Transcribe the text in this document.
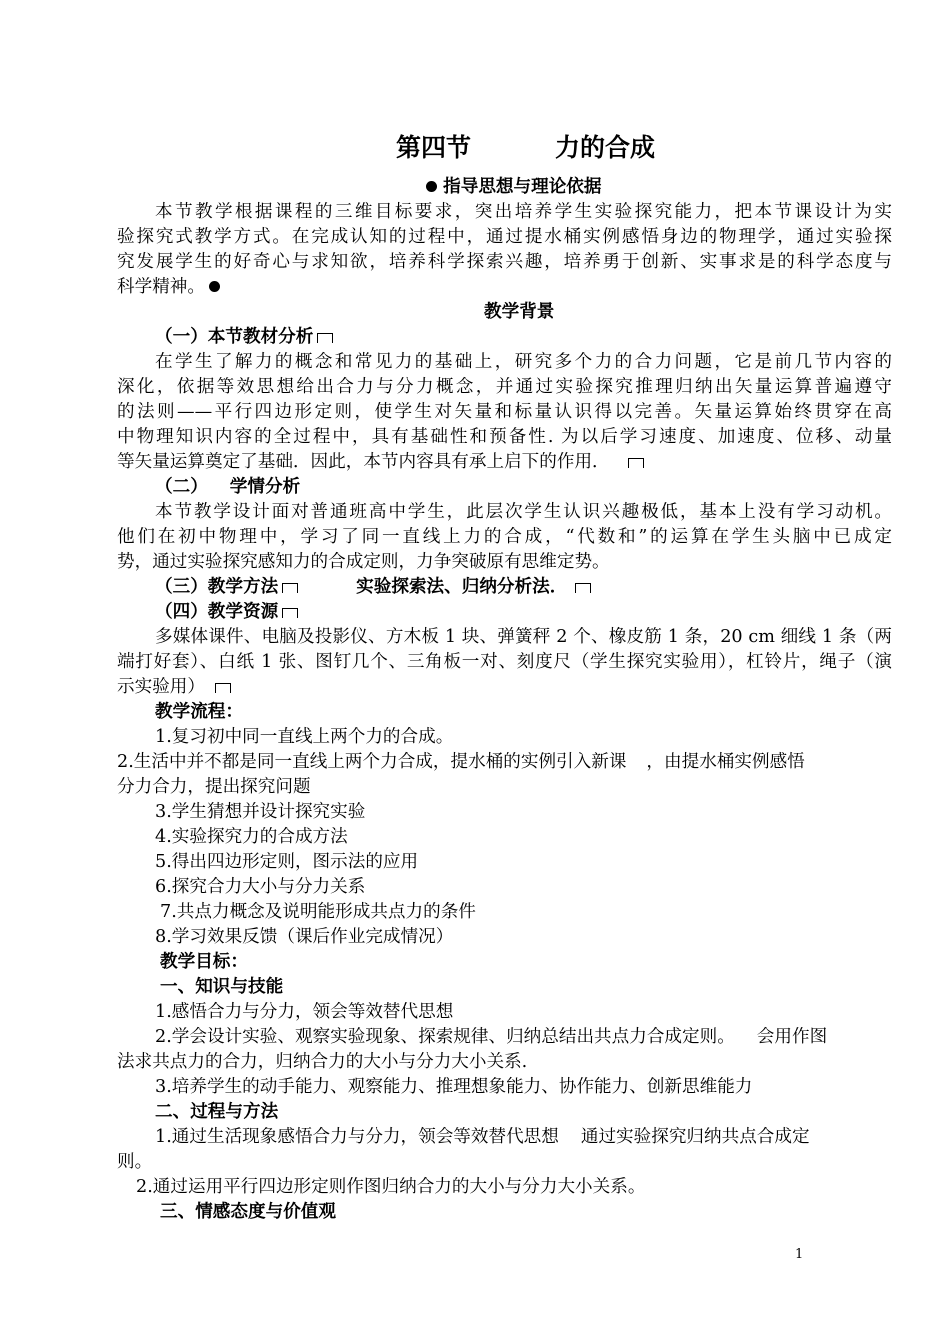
第四节	力的合成
指导思想与理论依据
本节教学根据课程的三维目标要求，突出培养学生实验探究能力，把本节课设计为实
验探究式教学方式。在完成认知的过程中，通过提水桶实例感悟身边的物理学，通过实验探
究发展学生的好奇心与求知欲，培养科学探索兴趣，培养勇于创新、实事求是的科学态度与
科学精神。
教学背景
（一）本节教材分析
在学生了解力的概念和常见力的基础上，研究多个力的合力问题，它是前几节内容的
深化，依据等效思想给出合力与分力概念，并通过实验探究推理归纳出矢量运算普遍遵守
的法则——平行四边形定则，使学生对矢量和标量认识得以完善。矢量运算始终贯穿在高
中物理知识内容的全过程中，具有基础性和预备性. 为以后学习速度、加速度、位移、动量
等矢量运算奠定了基础．因此，本节内容具有承上启下的作用．
（二） 学情分析
本节教学设计面对普通班高中学生，此层次学生认识兴趣极低，基本上没有学习动机。
他们在初中物理中，学习了同一直线上力的合成，“代数和”的运算在学生头脑中已成定
势，通过实验探究感知力的合成定则，力争突破原有思维定势。
（三）教学方法	实验探索法、归纳分析法．
（四）教学资源
多媒体课件、电脑及投影仪、方木板 1 块、弹簧秤 2 个、橡皮筋 1 条，20 cm 细线 1 条（两
端打好套）、白纸 1 张、图钉几个、三角板一对、刻度尺（学生探究实验用），杠铃片，绳子（演
示实验用）
教学流程：
1.复习初中同一直线上两个力的合成。
2.生活中并不都是同一直线上两个力合成，提水桶的实例引入新课 ，由提水桶实例感悟
分力合力，提出探究问题
3.学生猜想并设计探究实验
4.实验探究力的合成方法
5.得出四边形定则，图示法的应用
6.探究合力大小与分力关系
7.共点力概念及说明能形成共点力的条件
8.学习效果反馈（课后作业完成情况）
教学目标：
一、知识与技能
1.感悟合力与分力，领会等效替代思想
2.学会设计实验、观察实验现象、探索规律、归纳总结出共点力合成定则。 会用作图
法求共点力的合力，归纳合力的大小与分力大小关系.
3.培养学生的动手能力、观察能力、推理想象能力、协作能力、创新思维能力
二、过程与方法
1.通过生活现象感悟合力与分力，领会等效替代思想 通过实验探究归纳共点合成定
则。
2.通过运用平行四边形定则作图归纳合力的大小与分力大小关系。
三、情感态度与价值观
1
